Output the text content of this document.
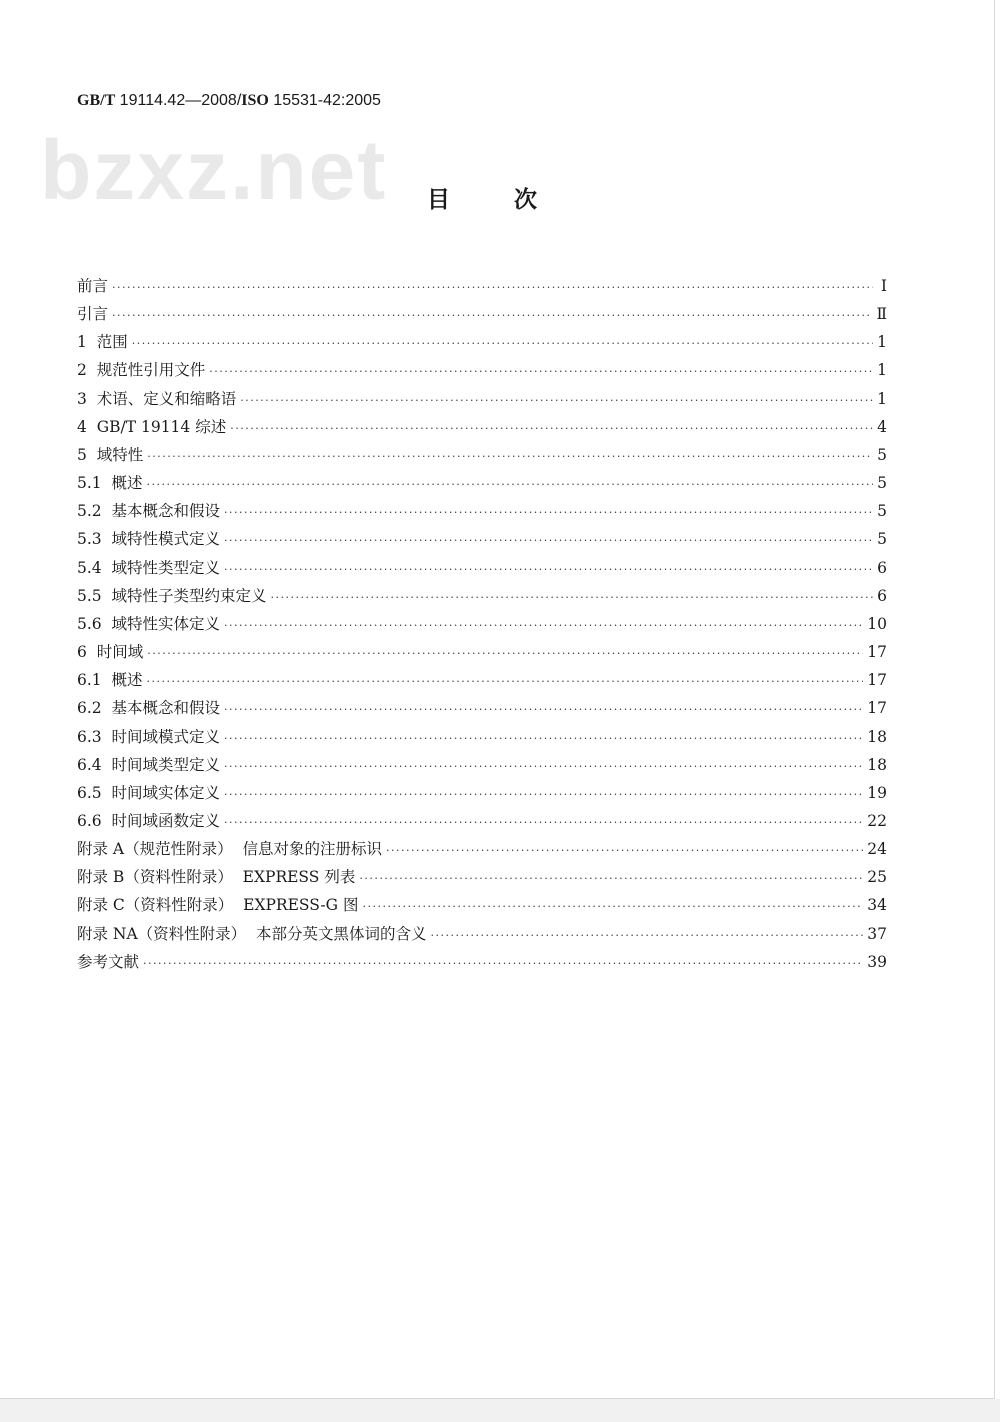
GB/T 19114.42—2008/ISO 15531-42:2005
bzxz.net 目	次
前言 ·····	Ⅰ
引言 ·····	Ⅱ
1  范围 ·····	1
2  规范性引用文件 ·····	1
3  术语、定义和缩略语 ·····	1
4  GB/T 19114 综述 ·····	4
5  域特性 ·····	5
5.1  概述 ·····	5
5.2  基本概念和假设 ·····	5
5.3  域特性模式定义 ·····	5
5.4  域特性类型定义 ·····	6
5.5  域特性子类型约束定义 ·····	6
5.6  域特性实体定义 ·····	10
6  时间域 ·····	17
6.1  概述 ·····	17
6.2  基本概念和假设 ·····	17
6.3  时间域模式定义 ·····	18
6.4  时间域类型定义 ·····	18
6.5  时间域实体定义 ·····	19
6.6  时间域函数定义 ·····	22
附录 A（规范性附录）  信息对象的注册标识 ·····	24
附录 B（资料性附录）  EXPRESS 列表 ·····	25
附录 C（资料性附录）  EXPRESS-G 图 ·····	34
附录 NA（资料性附录）  本部分英文黑体词的含义 ·····	37
参考文献 ·····	39
